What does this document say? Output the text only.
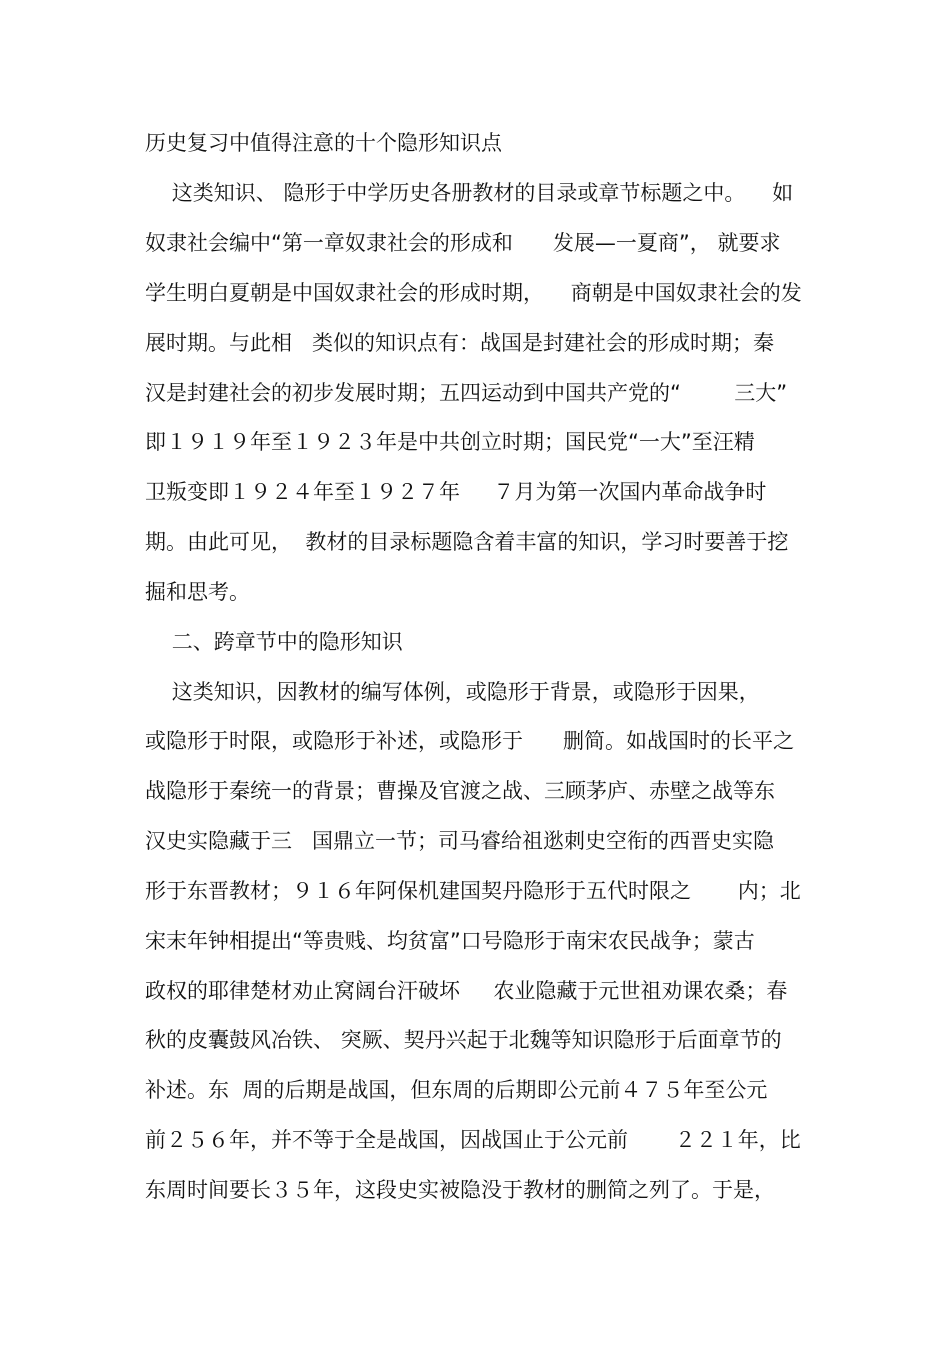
历史复习中值得注意的十个隐形知识点
这类知识、 隐形于中学历史各册教材的目录或章节标题之中。    如
奴隶社会编中“第一章奴隶社会的形成和      发展—一夏商”， 就要求
学生明白夏朝是中国奴隶社会的形成时期，    商朝是中国奴隶社会的发
展时期。与此相   类似的知识点有：战国是封建社会的形成时期；秦
汉是封建社会的初步发展时期；五四运动到中国共产党的“        三大”
即１９１９年至１９２３年是中共创立时期；国民党“一大”至汪精
卫叛变即１９２４年至１９２７年     ７月为第一次国内革命战争时
期。由此可见，  教材的目录标题隐含着丰富的知识，学习时要善于挖
掘和思考。
二、跨章节中的隐形知识
这类知识，因教材的编写体例，或隐形于背景，或隐形于因果，
或隐形于时限，或隐形于补述，或隐形于      删简。如战国时的长平之
战隐形于秦统一的背景；曹操及官渡之战、三顾茅庐、赤壁之战等东
汉史实隐藏于三   国鼎立一节；司马睿给祖逖刺史空衔的西晋史实隐
形于东晋教材；９１６年阿保机建国契丹隐形于五代时限之       内；北
宋末年钟相提出“等贵贱、均贫富”口号隐形于南宋农民战争；蒙古
政权的耶律楚材劝止窝阔台汗破坏     农业隐藏于元世祖劝课农桑；春
秋的皮囊鼓风冶铁、 突厥、契丹兴起于北魏等知识隐形于后面章节的
补述。东  周的后期是战国，但东周的后期即公元前４７５年至公元
前２５６年，并不等于全是战国，因战国止于公元前       ２２１年，比
东周时间要长３５年，这段史实被隐没于教材的删简之列了。于是，
